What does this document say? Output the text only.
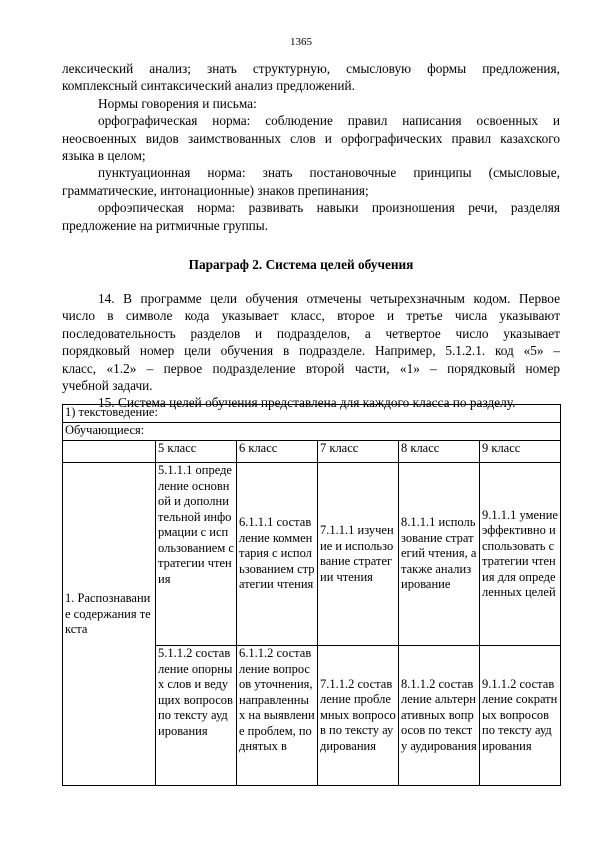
1365
лексический анализ; знать структурную, смысловую формы предложения,
комплексный синтаксический анализ предложений.
Нормы говорения и письма:
орфографическая норма: соблюдение правил написания освоенных и
неосвоенных видов заимствованных слов и орфографических правил казахского
языка в целом;
пунктуационная норма: знать постановочные принципы (смысловые,
грамматические, интонационные) знаков препинания;
орфоэпическая норма: развивать навыки произношения речи, разделяя
предложение на ритмичные группы.
Параграф 2. Система целей обучения
14. В программе цели обучения отмечены четырехзначным кодом. Первое
число в символе кода указывает класс, второе и третье числа указывают
последовательность разделов и подразделов, а четвертое число указывает
порядковый номер цели обучения в подразделе. Например, 5.1.2.1. код «5» –
класс, «1.2» – первое подразделение второй части, «1» – порядковый номер
учебной задачи.
15. Система целей обучения представлена для каждого класса по разделу.
1) текстоведение:					
Обучающиеся:					
	5 класс	6 класс	7 класс	8 класс	9 класс
1. Распознавание содержания текста	5.1.1.1 определение основной и дополнительной информации с использованием стратегии чтения	6.1.1.1 составление комментария с использованием стратегии чтения	7.1.1.1 изучение и использование стратегии чтения	8.1.1.1 использование стратегий чтения, а также анализирование	9.1.1.1 умение эффективно использовать стратегии чтения для определенных целей
	5.1.1.2 составление опорных слов и ведущих вопросов по тексту аудирования	6.1.1.2 составление вопросов уточнения, направленных на выявление проблем, поднятых в	7.1.1.2 составление проблемных вопросов по тексту аудирования	8.1.1.2 составление альтернативных вопросов по тексту аудирования	9.1.1.2 составление сократных вопросов по тексту аудирования
